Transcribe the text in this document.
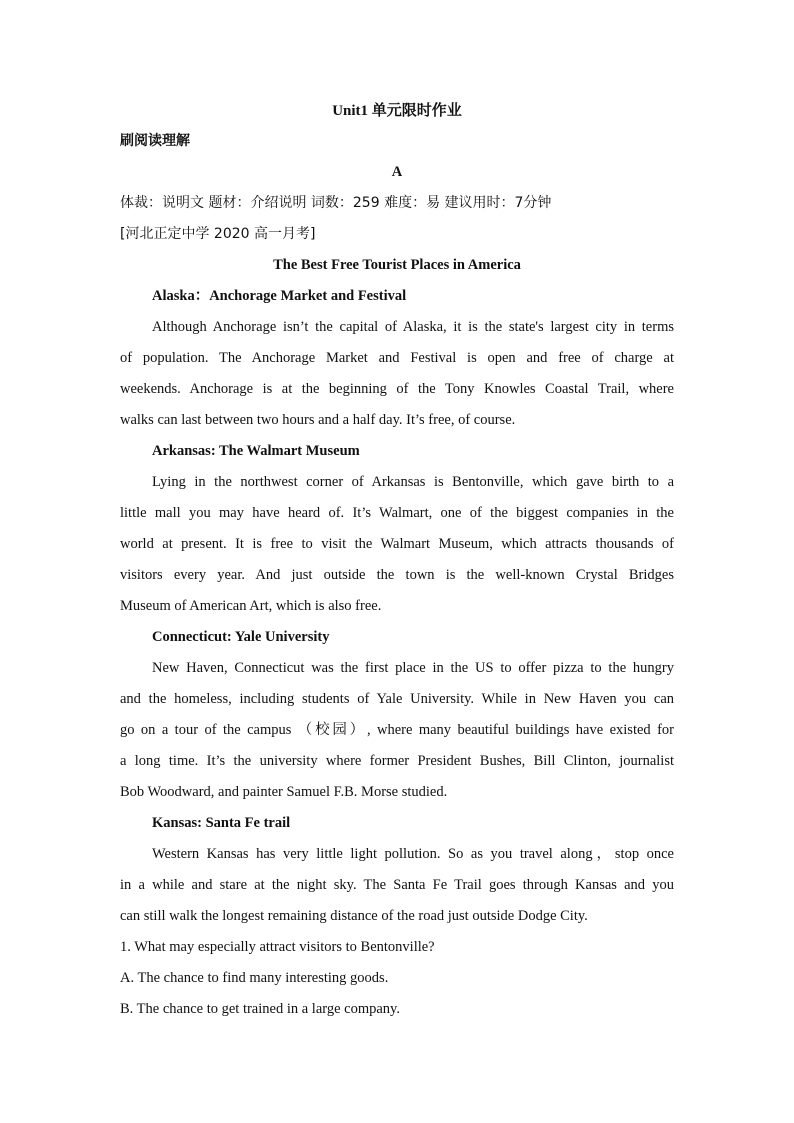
Unit1 单元限时作业
刷阅读理解
A
体裁：说明文 题材：介绍说明 词数：259 难度：易 建议用时：7分钟
[河北正定中学 2020 高一月考]
The Best Free Tourist Places in America
Alaska：Anchorage Market and Festival
Although Anchorage isn’t the capital of Alaska, it is the state's largest city in terms
of population. The Anchorage Market and Festival is open and free of charge at
weekends. Anchorage is at the beginning of the Tony Knowles Coastal Trail, where
walks can last between two hours and a half day. It’s free, of course.
Arkansas: The Walmart Museum
Lying in the northwest corner of Arkansas is Bentonville, which gave birth to a
little mall you may have heard of. It’s Walmart, one of the biggest companies in the
world at present. It is free to visit the Walmart Museum, which attracts thousands of
visitors every year. And just outside the town is the well-known Crystal Bridges
Museum of American Art, which is also free.
Connecticut: Yale University
New Haven, Connecticut was the first place in the US to offer pizza to the hungry
and the homeless, including students of Yale University. While in New Haven you can
go on a tour of the campus （校园）, where many beautiful buildings have existed for
a long time. It’s the university where former President Bushes, Bill Clinton, journalist
Bob Woodward, and painter Samuel F.B. Morse studied.
Kansas: Santa Fe trail
Western Kansas has very little light pollution. So as you travel along，stop once
in a while and stare at the night sky. The Santa Fe Trail goes through Kansas and you
can still walk the longest remaining distance of the road just outside Dodge City.
1. What may especially attract visitors to Bentonville?
A. The chance to find many interesting goods.
B. The chance to get trained in a large company.
